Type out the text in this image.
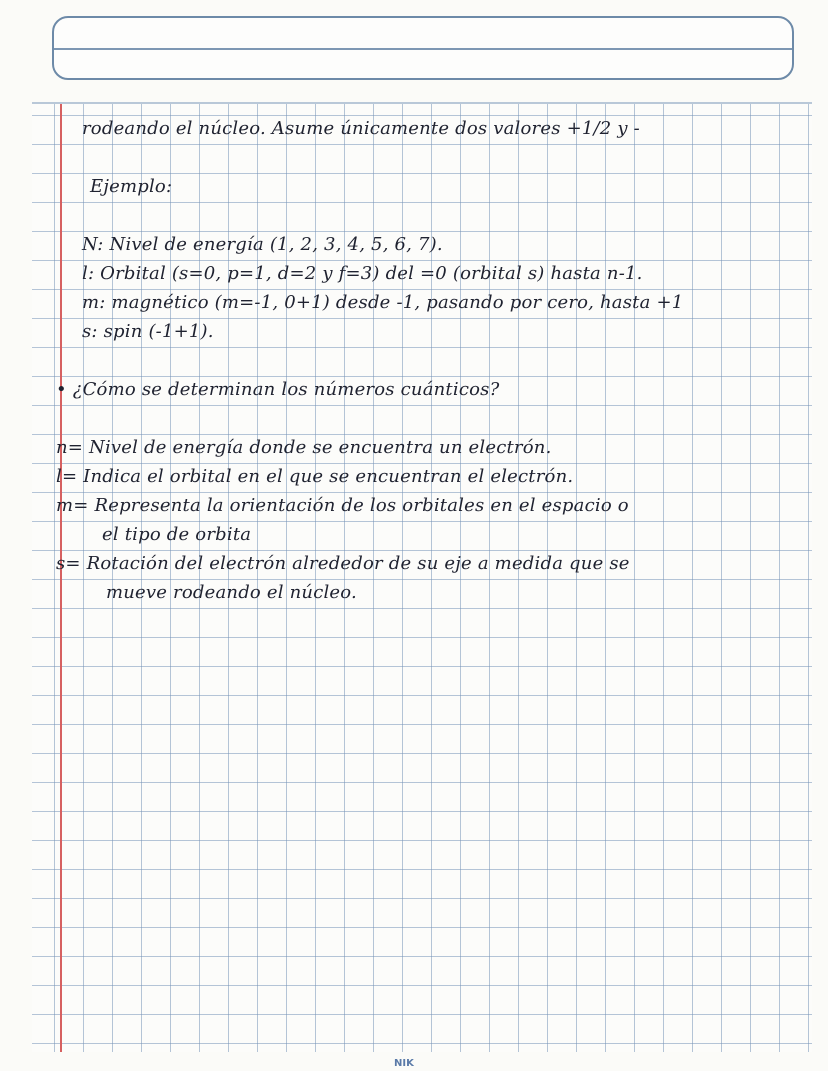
rodeando el núcleo. Asume únicamente dos valores +1/2 y -
Ejemplo:
N: Nivel de energía (1, 2, 3, 4, 5, 6, 7).
l: Orbital (s=0, p=1, d=2 y f=3) del =0 (orbital s) hasta n-1.
m: magnético (m=-1, 0+1) desde -1, pasando por cero, hasta +1
s: spin (-1+1).
• ¿Cómo se determinan los números cuánticos?
n= Nivel de energía donde se encuentra un electrón.
l= Indica el orbital en el que se encuentran el electrón.
m= Representa la orientación de los orbitales en el espacio o
el tipo de orbita
s= Rotación del electrón alrededor de su eje a medida que se
mueve rodeando el núcleo.
NIK
